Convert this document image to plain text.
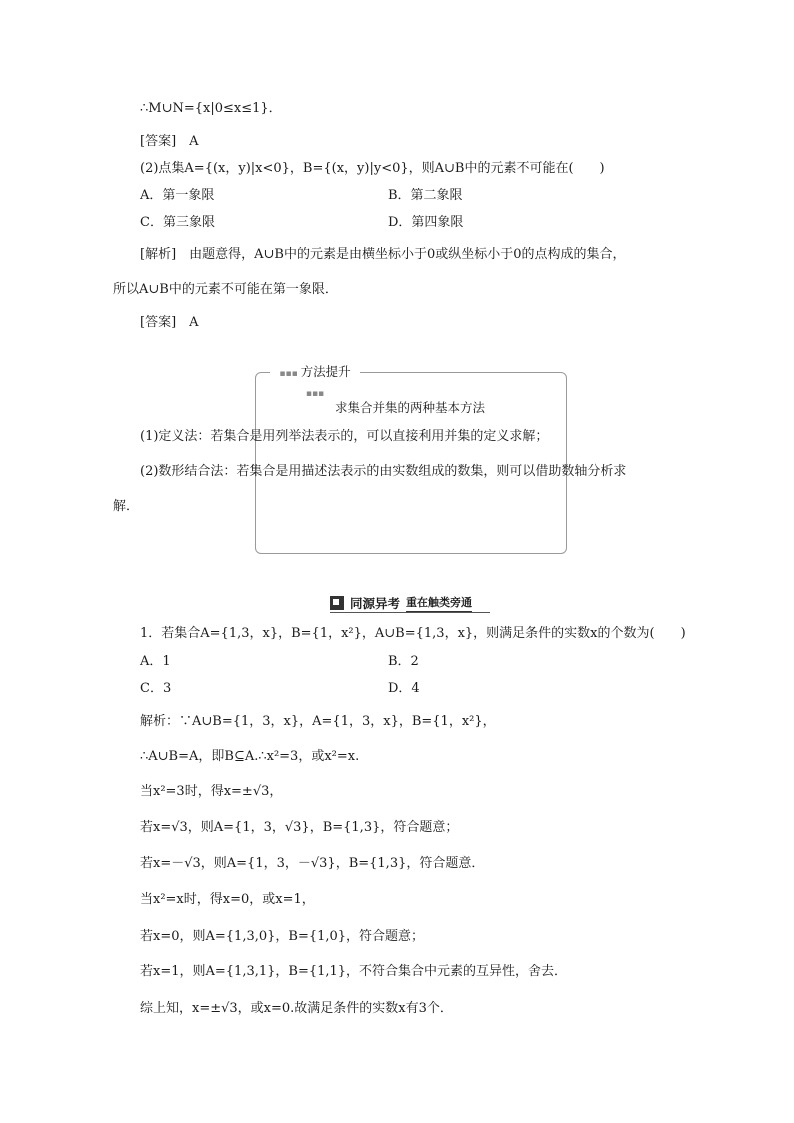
∴M∪N={x|0≤x≤1}．
[答案]　A
(2)点集A={(x，y)|x<0}，B={(x，y)|y<0}，则A∪B中的元素不可能在(　　)
A．第一象限	B．第二象限
C．第三象限	D．第四象限
[解析]　由题意得，A∪B中的元素是由横坐标小于0或纵坐标小于0的点构成的集合，
所以A∪B中的元素不可能在第一象限．
[答案]　A
▪▪▪ 方法提升 ▪▪▪
求集合并集的两种基本方法
(1)定义法：若集合是用列举法表示的，可以直接利用并集的定义求解；
(2)数形结合法：若集合是用描述法表示的由实数组成的数集，则可以借助数轴分析求
解．
同源异考 重在触类旁通
1．若集合A={1,3，x}，B={1，x²}，A∪B={1,3，x}，则满足条件的实数x的个数为(　　)
A．1	B．2
C．3	D．4
解析：∵A∪B={1，3，x}，A={1，3，x}，B={1，x²}，
∴A∪B=A，即B⊆A.∴x²=3，或x²=x.
当x²=3时，得x=±√3，
若x=√3，则A={1，3，√3}，B={1,3}，符合题意；
若x=－√3，则A={1，3，－√3}，B={1,3}，符合题意．
当x²=x时，得x=0，或x=1，
若x=0，则A={1,3,0}，B={1,0}，符合题意；
若x=1，则A={1,3,1}，B={1,1}，不符合集合中元素的互异性，舍去．
综上知，x=±√3，或x=0.故满足条件的实数x有3个．
